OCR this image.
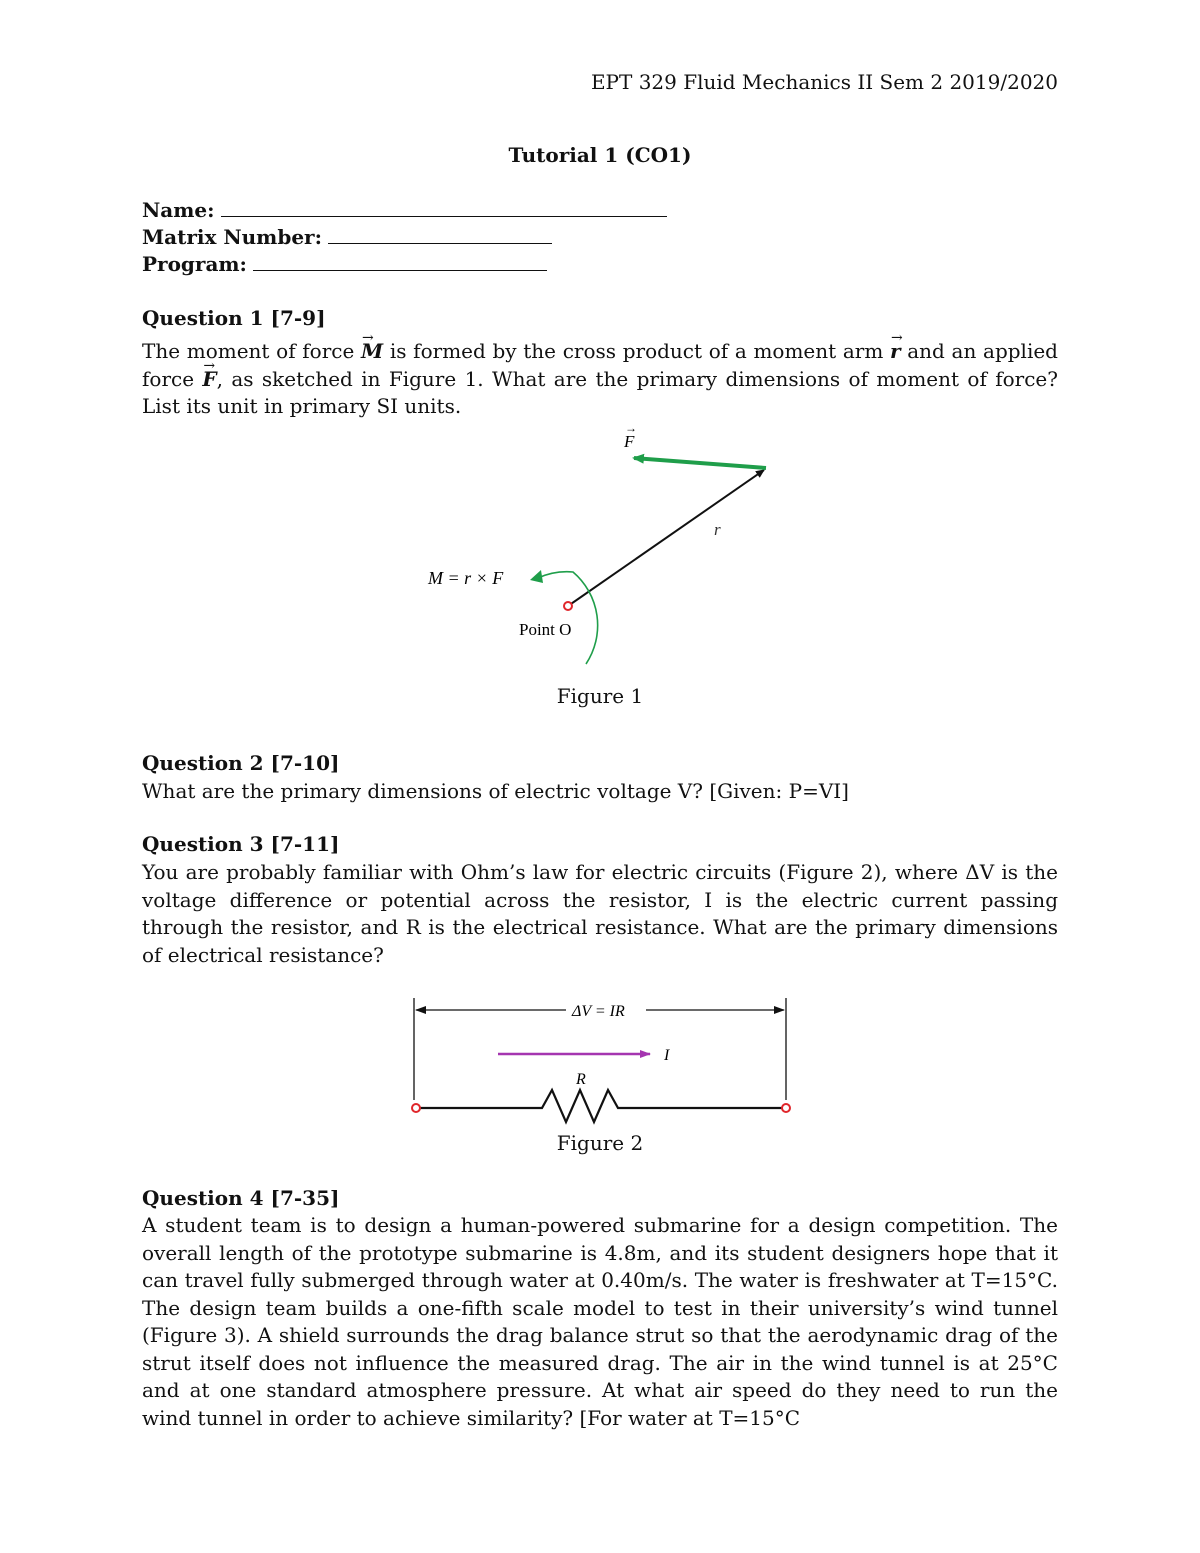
EPT 329 Fluid Mechanics II Sem 2 2019/2020
Tutorial 1 (CO1)
Name:
Matrix Number:
Program:
Question 1 [7-9]
The moment of force → M is formed by the cross product of a moment arm → r and an applied force → F, as sketched in Figure 1. What are the primary dimensions of moment of force? List its unit in primary SI units.
F
→
r
M = r × F
Point O
Figure 1
Question 2 [7-10]
What are the primary dimensions of electric voltage V? [Given: P=VI]
Question 3 [7-11]
You are probably familiar with Ohm’s law for electric circuits (Figure 2), where ΔV is the voltage difference or potential across the resistor, I is the electric current passing through the resistor, and R is the electrical resistance. What are the primary dimensions of electrical resistance?
ΔV = IR
I
R
Figure 2
Question 4 [7-35]
A student team is to design a human-powered submarine for a design competition. The overall length of the prototype submarine is 4.8m, and its student designers hope that it can travel fully submerged through water at 0.40m/s. The water is freshwater at T=15°C. The design team builds a one-fifth scale model to test in their university’s wind tunnel (Figure 3). A shield surrounds the drag balance strut so that the aerodynamic drag of the strut itself does not influence the measured drag. The air in the wind tunnel is at 25°C and at one standard atmosphere pressure. At what air speed do they need to run the wind tunnel in order to achieve similarity? [For water at T=15°C
